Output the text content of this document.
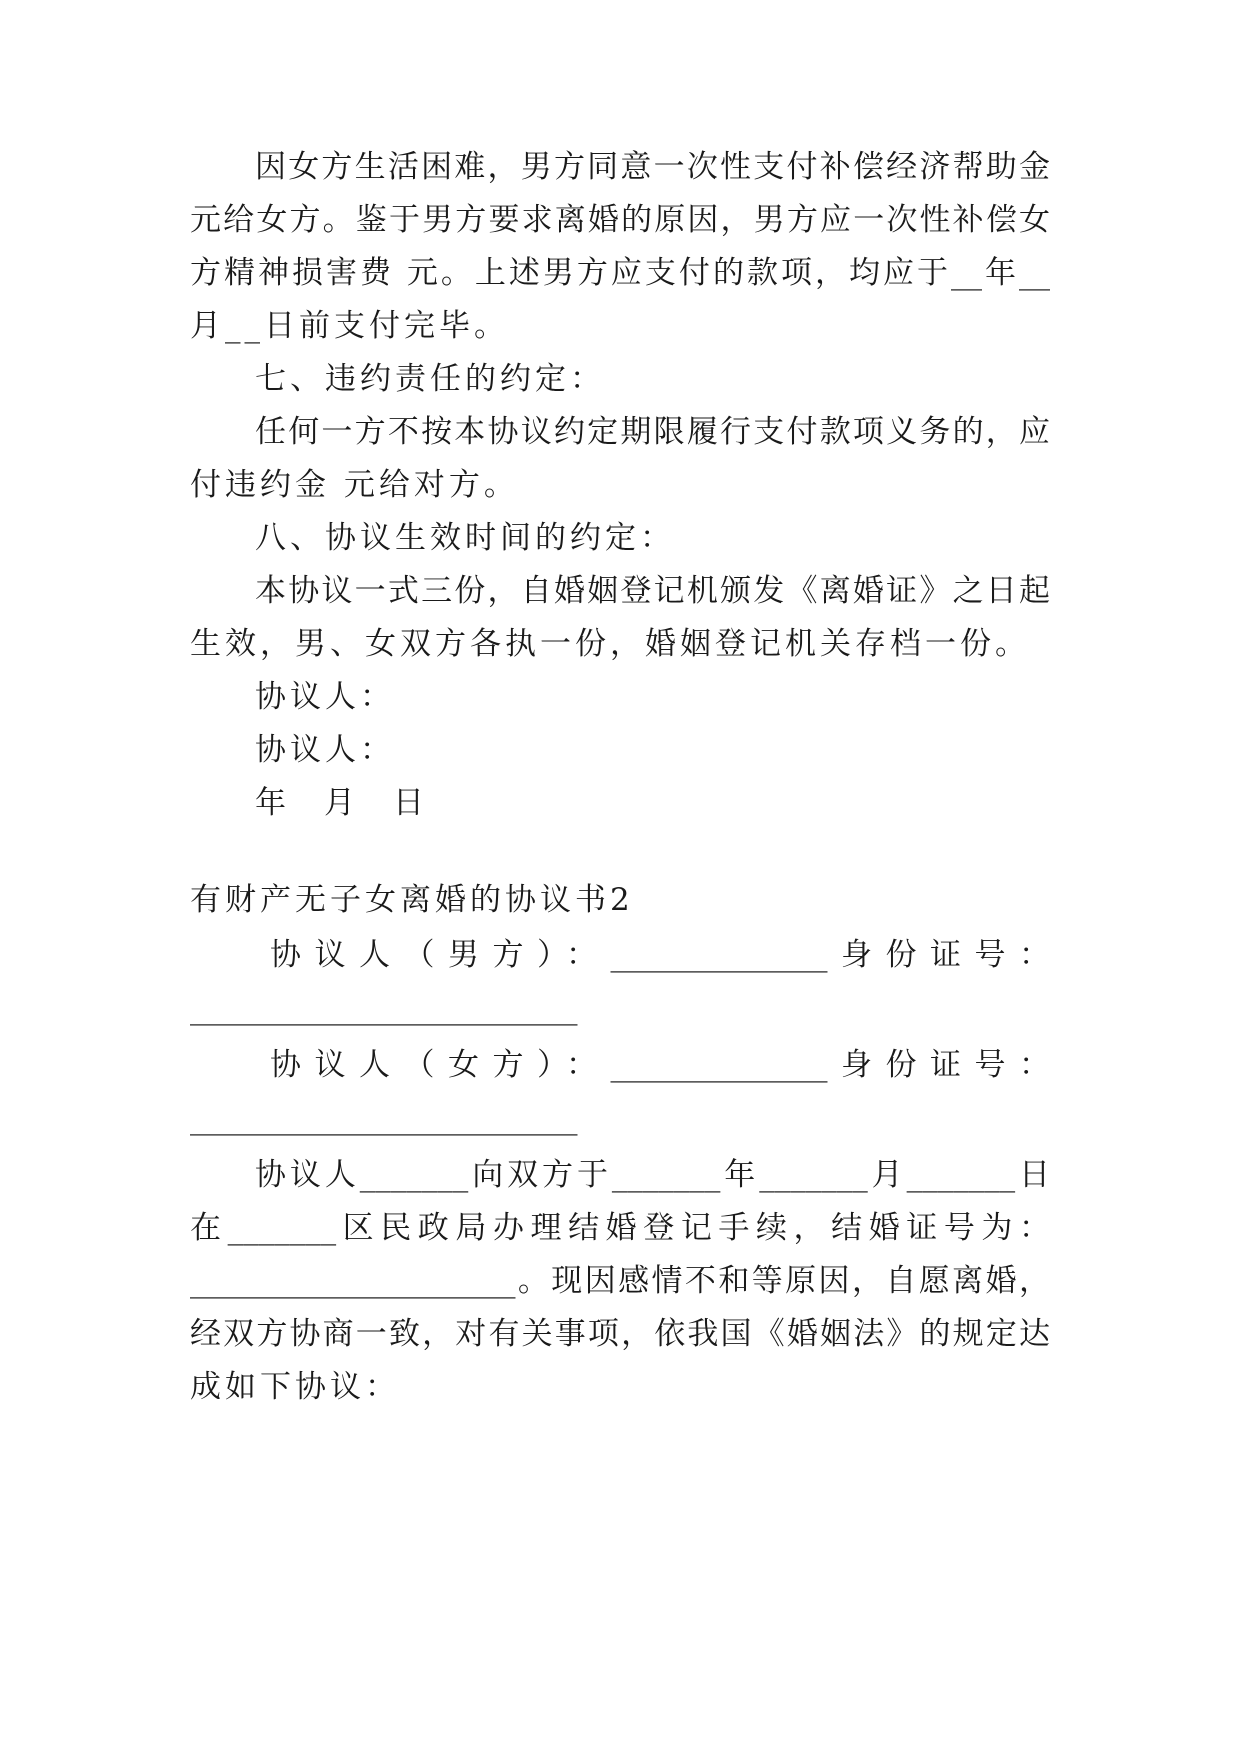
因女方生活困难，男方同意一次性支付补偿经济帮助金
元给女方。鉴于男方要求离婚的原因，男方应一次性补偿女
方精神损害费 元。上述男方应支付的款项，均应于__年__
月__日前支付完毕。
七、违约责任的约定：
任何一方不按本协议约定期限履行支付款项义务的，应
付违约金 元给对方。
八、协议生效时间的约定：
本协议一式三份，自婚姻登记机颁发《离婚证》之日起
生效，男、女双方各执一份，婚姻登记机关存档一份。
协议人：
协议人：
年 月 日
有财产无子女离婚的协议书2
协议人（男方）：______________身份证号：
_________________________
协议人（女方）：______________身份证号：
_________________________
协议人_______向双方于_______年_______月_______日
在_______区民政局办理结婚登记手续，结婚证号为：
_____________________。现因感情不和等原因，自愿离婚，
经双方协商一致，对有关事项，依我国《婚姻法》的规定达
成如下协议：
